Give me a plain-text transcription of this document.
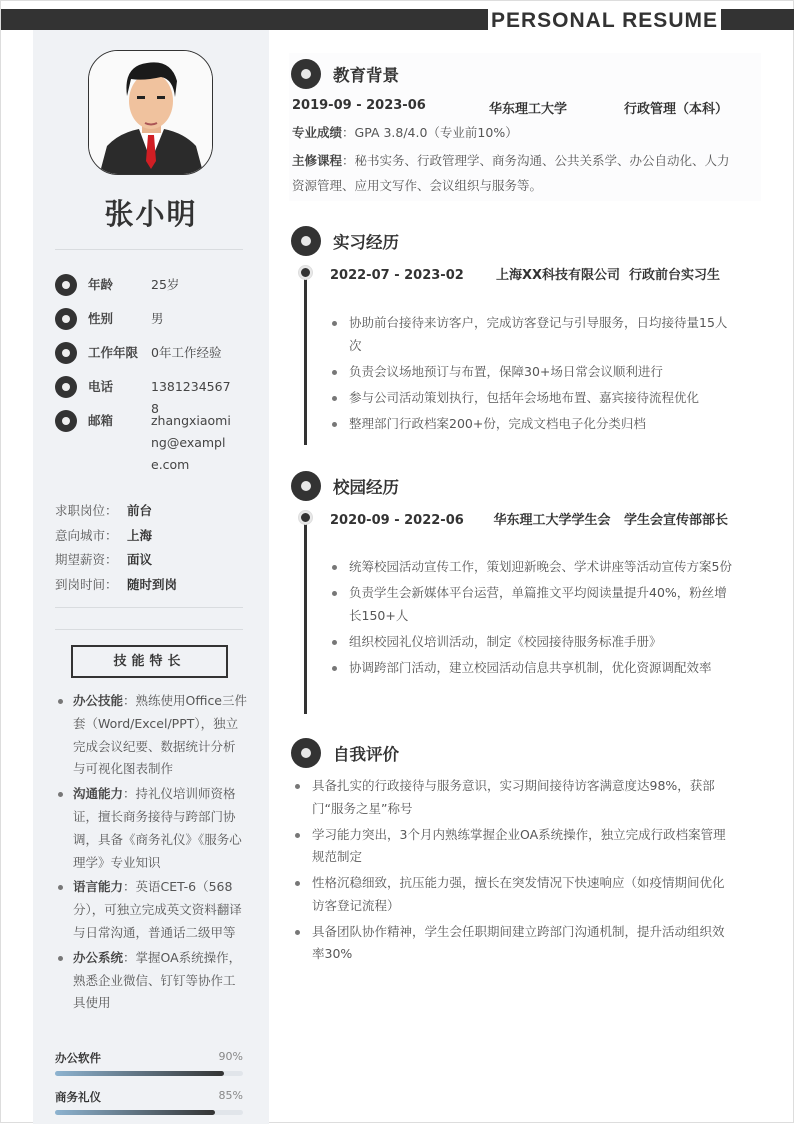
张小明
年龄	25岁
性别	男
工作年限	0年工作经验
电话	13812345678
邮箱	zhangxiaoming@example.com
求职岗位： 前台
意向城市： 上海
期望薪资： 面议
到岗时间： 随时到岗
技能特长
办公技能：熟练使用Office三件套（Word/Excel/PPT），独立完成会议纪要、数据统计分析与可视化图表制作
沟通能力：持礼仪培训师资格证，擅长商务接待与跨部门协调，具备《商务礼仪》《服务心理学》专业知识
语言能力：英语CET-6（568分），可独立完成英文资料翻译与日常沟通，普通话二级甲等
办公系统：掌握OA系统操作，熟悉企业微信、钉钉等协作工具使用
办公软件	90%
商务礼仪	85%
教育背景
2019-09 - 2023-06	华东理工大学	行政管理（本科）
专业成绩：GPA 3.8/4.0（专业前10%）
主修课程：秘书实务、行政管理学、商务沟通、公共关系学、办公自动化、人力资源管理、应用文写作、会议组织与服务等。
实习经历
2022-07 - 2023-02	上海XX科技有限公司 行政前台实习生
协助前台接待来访客户，完成访客登记与引导服务，日均接待量15人次
负责会议场地预订与布置，保障30+场日常会议顺利进行
参与公司活动策划执行，包括年会场地布置、嘉宾接待流程优化
整理部门行政档案200+份，完成文档电子化分类归档
校园经历
2020-09 - 2022-06	华东理工大学学生会 学生会宣传部部长
统筹校园活动宣传工作，策划迎新晚会、学术讲座等活动宣传方案5份
负责学生会新媒体平台运营，单篇推文平均阅读量提升40%，粉丝增长150+人
组织校园礼仪培训活动，制定《校园接待服务标准手册》
协调跨部门活动，建立校园活动信息共享机制，优化资源调配效率
自我评价
具备扎实的行政接待与服务意识，实习期间接待访客满意度达98%，获部门“服务之星”称号
学习能力突出，3个月内熟练掌握企业OA系统操作，独立完成行政档案管理规范制定
性格沉稳细致，抗压能力强，擅长在突发情况下快速响应（如疫情期间优化访客登记流程）
具备团队协作精神，学生会任职期间建立跨部门沟通机制，提升活动组织效率30%
PERSONAL RESUME
